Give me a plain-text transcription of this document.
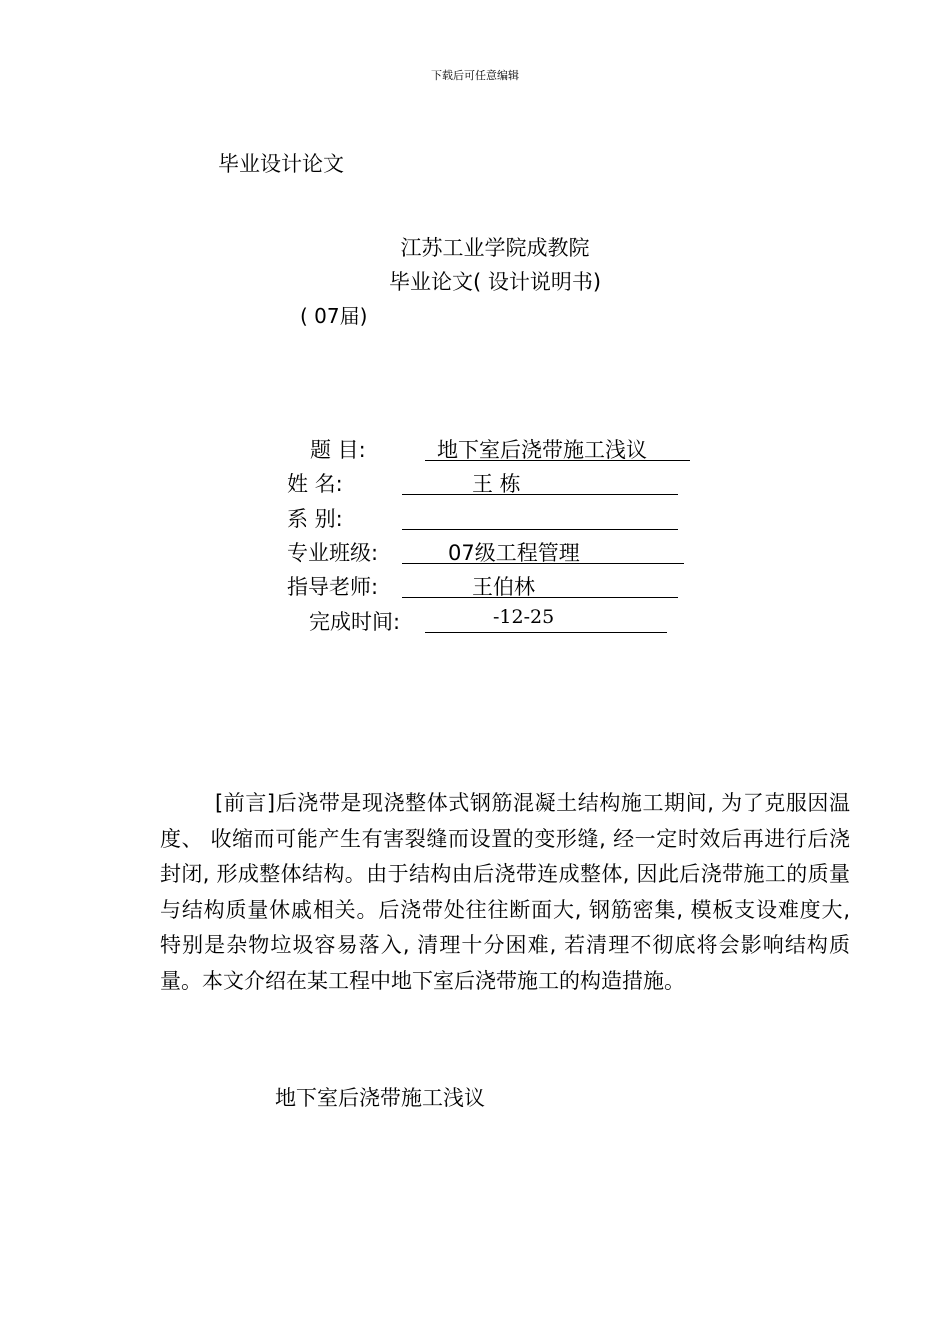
下载后可任意编辑
毕业设计论文
江苏工业学院成教院
毕业论文( 设计说明书)
( 07届)
题 目:	地下室后浇带施工浅议
姓 名:	王 栋
系 别:
专业班级:	07级工程管理
指导老师:	王伯林
完成时间:	-12-25
[前言]后浇带是现浇整体式钢筋混凝土结构施工期间, 为了克服因温度、 收缩而可能产生有害裂缝而设置的变形缝, 经一定时效后再进行后浇封闭, 形成整体结构。由于结构由后浇带连成整体, 因此后浇带施工的质量与结构质量休戚相关。后浇带处往往断面大, 钢筋密集, 模板支设难度大, 特别是杂物垃圾容易落入, 清理十分困难, 若清理不彻底将会影响结构质量。本文介绍在某工程中地下室后浇带施工的构造措施。
地下室后浇带施工浅议
